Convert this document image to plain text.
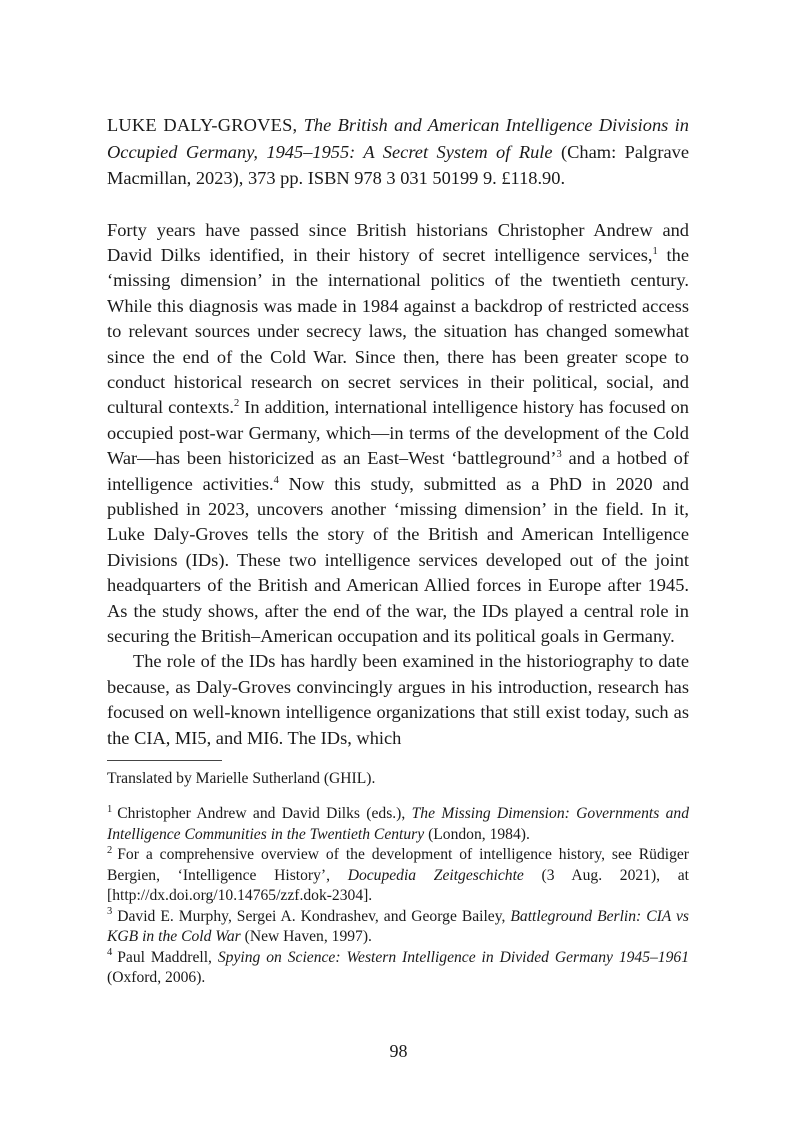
LUKE DALY-GROVES, The British and American Intelligence Divisions in Occupied Germany, 1945–1955: A Secret System of Rule (Cham: Palgrave Macmillan, 2023), 373 pp. ISBN 978 3 031 50199 9. £118.90.

Forty years have passed since British historians Christopher Andrew and David Dilks identified, in their history of secret intelligence services,$^1$ the ‘missing dimension’ in the international politics of the twentieth century. While this diagnosis was made in 1984 against a backdrop of restricted access to relevant sources under secrecy laws, the situation has changed somewhat since the end of the Cold War. Since then, there has been greater scope to conduct historical research on secret services in their political, social, and cultural contexts.$^2$ In addition, international intelligence history has focused on occupied post-war Germany, which—in terms of the development of the Cold War—has been historicized as an East–West ‘battleground’$^3$ and a hotbed of intelligence activities.$^4$ Now this study, submitted as a PhD in 2020 and published in 2023, uncovers another ‘missing dimension’ in the field. In it, Luke Daly-Groves tells the story of the British and American Intelligence Divisions (IDs). These two intelligence services developed out of the joint headquarters of the British and American Allied forces in Europe after 1945. As the study shows, after the end of the war, the IDs played a central role in securing the British–American occupation and its political goals in Germany.

The role of the IDs has hardly been examined in the historiography to date because, as Daly-Groves convincingly argues in his introduction, research has focused on well-known intelligence organizations that still exist today, such as the CIA, MI5, and MI6. The IDs, which

Translated by Marielle Sutherland (GHIL).

$^1$ Christopher Andrew and David Dilks (eds.), The Missing Dimension: Governments and Intelligence Communities in the Twentieth Century (London, 1984).

$^2$ For a comprehensive overview of the development of intelligence history, see Rüdiger Bergien, ‘Intelligence History’, Docupedia Zeitgeschichte (3 Aug. 2021), at [http://dx.doi.org/10.14765/zzf.dok-2304].

$^3$ David E. Murphy, Sergei A. Kondrashev, and George Bailey, Battleground Berlin: CIA vs KGB in the Cold War (New Haven, 1997).

$^4$ Paul Maddrell, Spying on Science: Western Intelligence in Divided Germany 1945–1961 (Oxford, 2006).

98
